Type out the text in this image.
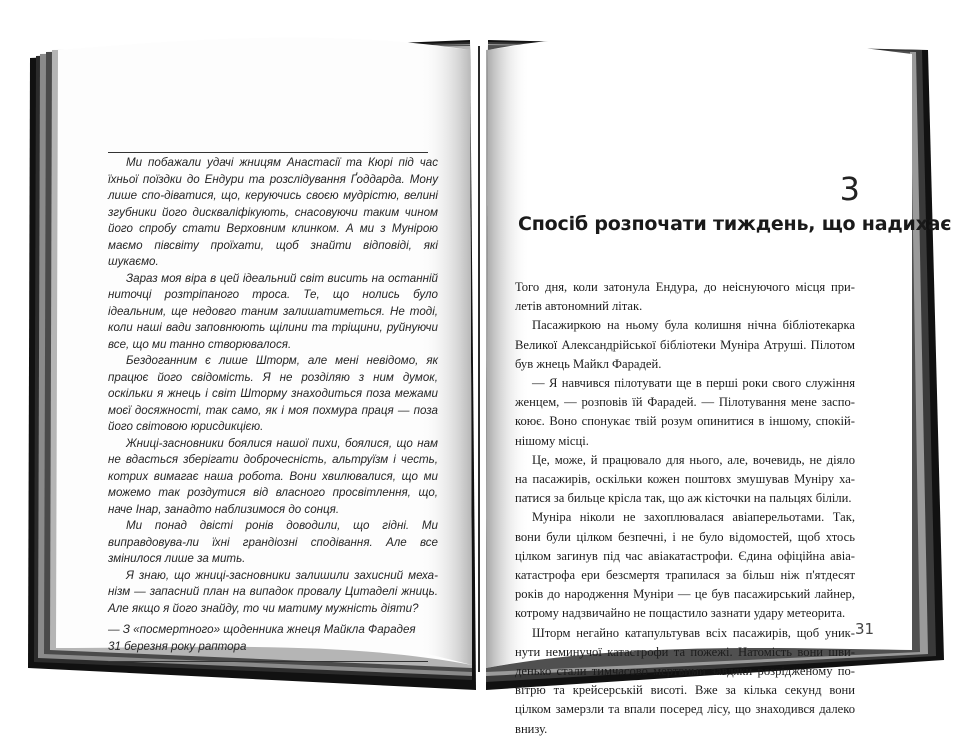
Ми побажали удачі жницям Анастасії та Кюрі під час їхньої поїздки до Ендури та розслідування Ґоддарда. Мону лише спо-діватися, що, керуючись своєю мудрістю, велині згубники його дискваліфікують, снасовуючи таким чином його спробу стати Верховним клинком. А ми з Мунірою маємо півсвіту проїхати, щоб знайти відповіді, які шукаємо.

Зараз моя віра в цей ідеальний світ висить на останній ниточці розтріпаного троса. Те, що нолись було ідеальним, ще недовго таним залишатиметься. Не тоді, коли наші вади заповнюють щілини та тріщини, руйнуючи все, що ми танно створювалося.

Бездоганним є лише Шторм, але мені невідомо, як працює його свідомість. Я не розділяю з ним думок, оскільки я жнець і світ Шторму знаходиться поза межами моєї досяжності, так само, як і моя похмура праця — поза його світовою юрисдикцією.

Жниці-засновники боялися нашої пихи, боялися, що нам не вдасться зберігати доброчесність, альтруїзм і честь, котрих вимагає наша робота. Вони хвилювалися, що ми можемо так роздутися від власного просвітлення, що, наче Інар, занадто наблизимося до сонця.

Ми понад двісті ронів доводили, що гідні. Ми виправдовува-ли їхні грандіозні сподівання. Але все змінилося лише за мить.

Я знаю, що жниці-засновники залишили захисний меха-нізм — запасний план на випадок провалу Цитаделі жниць. Але якщо я його знайду, то чи матиму мужність діяти?

— З «посмертного» щоденника жнеця Майкла Фарадея

31 березня року раптора

3
Спосіб розпочати тиждень, що надихає

Того дня, коли затонула Ендура, до неіснуючого місця при-летів автономний літак.

Пасажиркою на ньому була колишня нічна бібліотекарка Великої Александрійської бібліотеки Муніра Атруші. Пілотом був жнець Майкл Фарадей.

— Я навчився пілотувати ще в перші роки свого служіння женцем, — розповів їй Фарадей. — Пілотування мене заспо-коює. Воно спонукає твій розум опинитися в іншому, спокій-нішому місці.

Це, може, й працювало для нього, але, вочевидь, не діяло на пасажирів, оскільки кожен поштовх змушував Муніру ха-патися за бильце крісла так, що аж кісточки на пальцях біліли.

Муніра ніколи не захоплювалася авіаперельотами. Так, вони були цілком безпечні, і не було відомостей, щоб хтось цілком загинув під час авіакатастрофи. Єдина офіційна авіа-катастрофа ери безсмертя трапилася за більш ніж п'ятдесят років до народження Муніри — це був пасажирський лайнер, котрому надзвичайно не пощастило зазнати удару метеорита.

Шторм негайно катапультував всіх пасажирів, щоб уник-нути неминучої катастрофи та пожежі. Натомість вони шви-денько стали тимчасово мертвими завдяки розрідженому по-вітрю та крейсерській висоті. Вже за кілька секунд вони цілком замерзли та впали посеред лісу, що знаходився далеко внизу.

31
